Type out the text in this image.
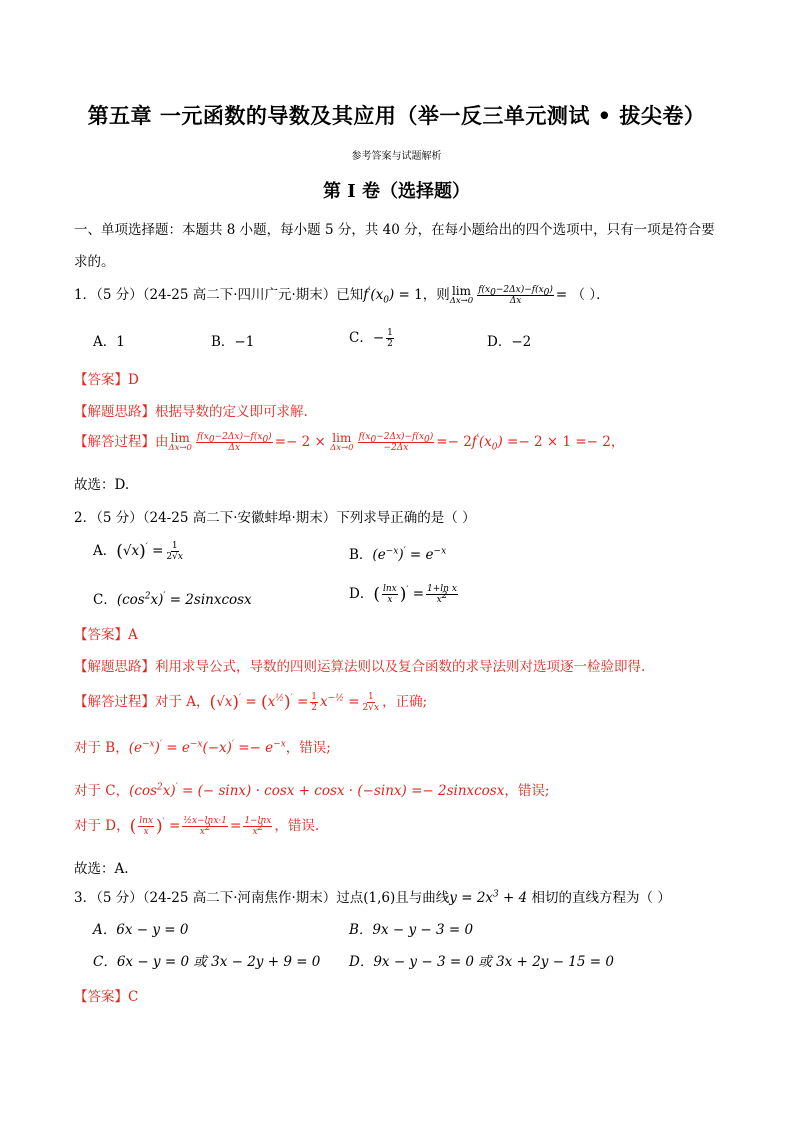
第五章 一元函数的导数及其应用（举一反三单元测试 • 拔尖卷）
参考答案与试题解析
第 I 卷（选择题）
一、单项选择题：本题共 8 小题，每小题 5 分，共 40 分，在每小题给出的四个选项中，只有一项是符合要
求的。
1．（5 分）（24-25 高二下·四川广元·期末）已知$f'(x_0) = 1$，则 lim
$\Delta x\to 0 \frac{f(x_0-2\Delta x)-f(x_0)}{\Delta x}$ = （ ）．
A．1	B．−1	C．− $\frac{1}{2}$	D．−2
【答案】D
【解题思路】根据导数的定义即可求解.
【解答过程】由 lim
$\Delta x\to 0 \frac{f(x_0-2\Delta x)-f(x_0)}{\Delta x} =- 2 \times \lim$
$\Delta x\to 0 \frac{f(x_0-2\Delta x)-f(x_0)}{-2\Delta x} =- 2f'(x_0) =- 2 \times 1 =- 2$，
故选：D.
2．（5 分）（24-25 高二下·安徽蚌埠·期末）下列求导正确的是（ ）
A．$(√x)' = \frac{1}{2√x}$	B．$(e^{-x})' = e^{-x}$
C．$(\cos^2x)'$ = 2sinxcosx	D．( $\frac{\ln x}{x} )' = \frac{\text{1+ln x}}{x^2}$
【答案】A
【解题思路】利用求导公式，导数的四则运算法则以及复合函数的求导法则对选项逐一检验即得.
【解答过程】对于 A，$(√x)' = (x^{\frac{1}{2}})' = \frac{1}{2} x^{-\frac{1}{2}} = \frac{1}{2√x}$ ，正确;
对于 B，$(e^{-x})' = e^{-x}(-x)' =- e^{-x}$，错误;
对于 C，$(\cos^2x)'$ = (− sinx) · cosx + cosx · (−sinx) =− 2sinxcosx，错误;
对于 D，( $\frac{\ln x}{x} )' = \frac{\text{½x−lnx·1}}{x^2} = \frac{1-\ln x}{x^2}$ ，错误.
故选：A.
3．（5 分）（24-25 高二下·河南焦作·期末）过点(1,6)且与曲线$y = 2x^3 + 4$ 相切的直线方程为（ ）
A．6x − y = 0	B．9x − y − 3 = 0
C．6x − y = 0 或 3x − 2y + 9 = 0 D．9x − y − 3 = 0 或 3x + 2y − 15 = 0
【答案】C
